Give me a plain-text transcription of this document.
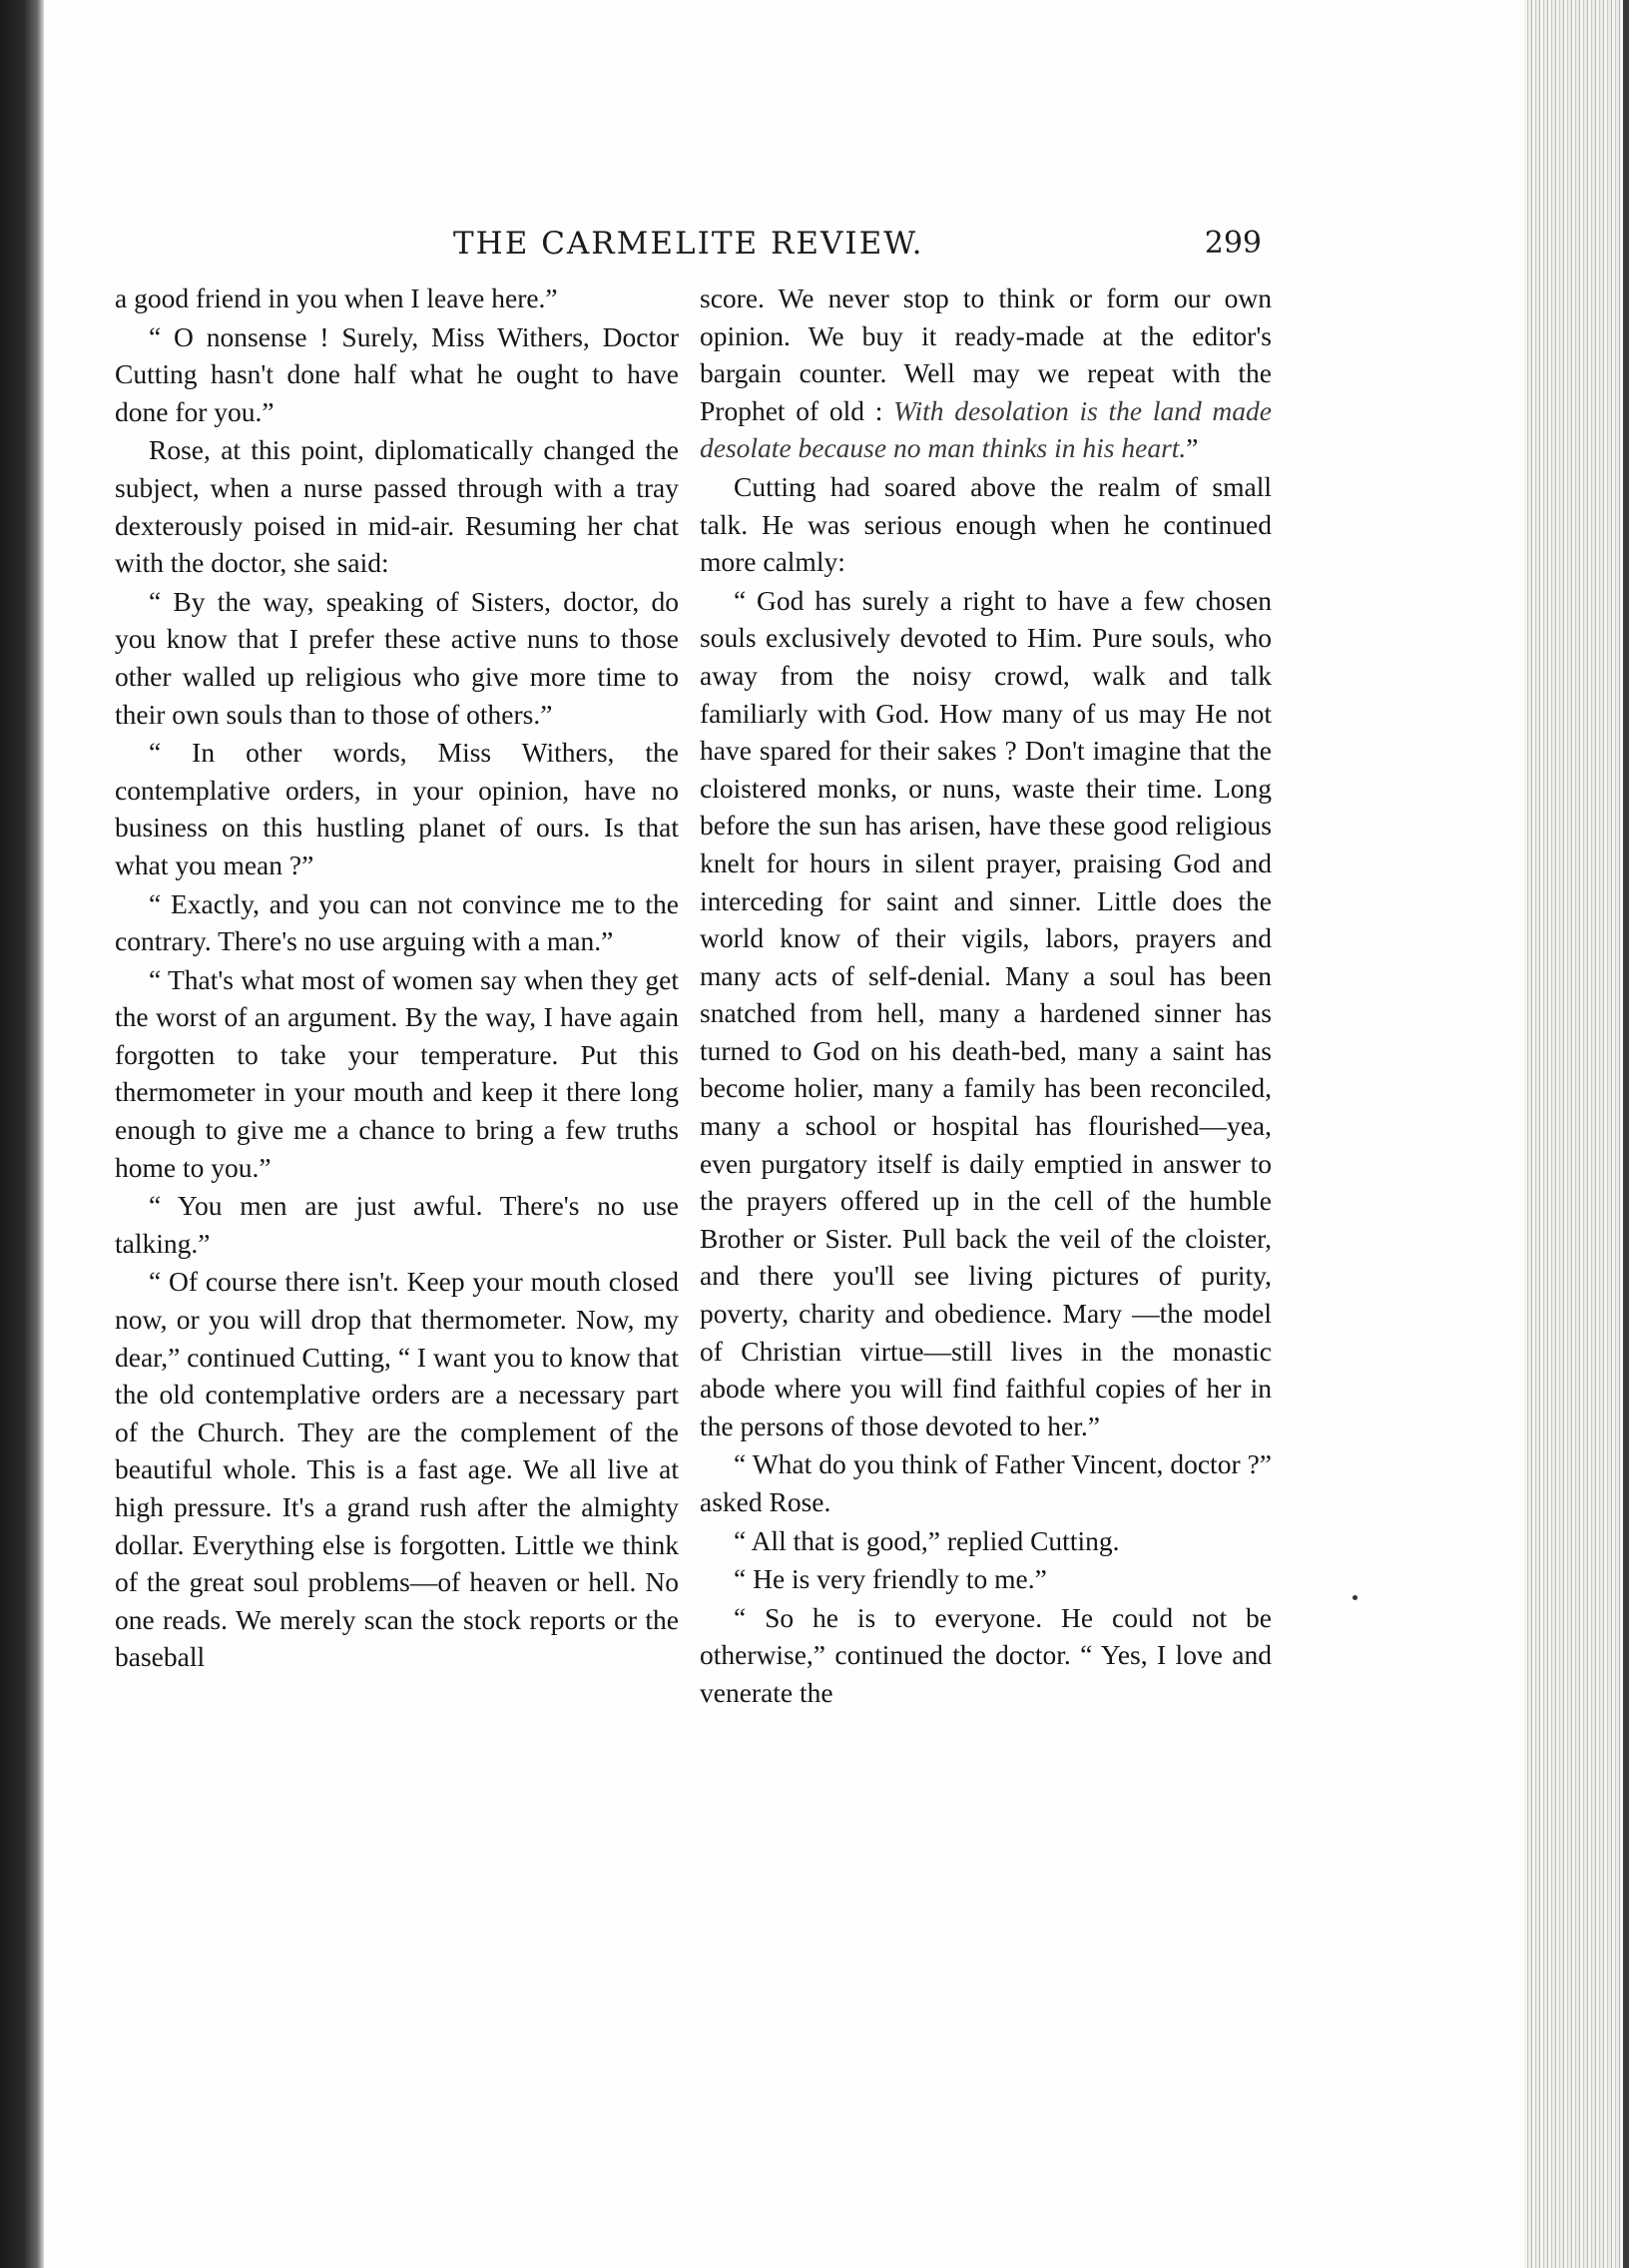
THE CARMELITE REVIEW.	299

a good friend in you when I leave here.”

“ O nonsense ! Surely, Miss Withers, Doctor Cutting hasn't done half what he ought to have done for you.”

Rose, at this point, diplomatically changed the subject, when a nurse passed through with a tray dexterously poised in mid-air. Resuming her chat with the doctor, she said:

“ By the way, speaking of Sisters, doctor, do you know that I prefer these active nuns to those other walled up religious who give more time to their own souls than to those of others.”

“ In other words, Miss Withers, the contemplative orders, in your opinion, have no business on this hustling planet of ours. Is that what you mean ?”

“ Exactly, and you can not convince me to the contrary. There's no use arguing with a man.”

“ That's what most of women say when they get the worst of an argument. By the way, I have again forgotten to take your temperature. Put this thermometer in your mouth and keep it there long enough to give me a chance to bring a few truths home to you.”

“ You men are just awful. There's no use talking.”

“ Of course there isn't. Keep your mouth closed now, or you will drop that thermometer. Now, my dear,” continued Cutting, “ I want you to know that the old contemplative orders are a necessary part of the Church. They are the complement of the beautiful whole. This is a fast age. We all live at high pressure. It's a grand rush after the almighty dollar. Everything else is forgotten. Little we think of the great soul problems—of heaven or hell. No one reads. We merely scan the stock reports or the baseball

score. We never stop to think or form our own opinion. We buy it ready-made at the editor's bargain counter. Well may we repeat with the Prophet of old : With desolation is the land made desolate because no man thinks in his heart.”

Cutting had soared above the realm of small talk. He was serious enough when he continued more calmly:

“ God has surely a right to have a few chosen souls exclusively devoted to Him. Pure souls, who away from the noisy crowd, walk and talk familiarly with God. How many of us may He not have spared for their sakes ? Don't imagine that the cloistered monks, or nuns, waste their time. Long before the sun has arisen, have these good religious knelt for hours in silent prayer, praising God and interceding for saint and sinner. Little does the world know of their vigils, labors, prayers and many acts of self-denial. Many a soul has been snatched from hell, many a hardened sinner has turned to God on his death-bed, many a saint has become holier, many a family has been reconciled, many a school or hospital has flourished—yea, even purgatory itself is daily emptied in answer to the prayers offered up in the cell of the humble Brother or Sister. Pull back the veil of the cloister, and there you'll see living pictures of purity, poverty, charity and obedience. Mary —the model of Christian virtue—still lives in the monastic abode where you will find faithful copies of her in the persons of those devoted to her.”

“ What do you think of Father Vincent, doctor ?” asked Rose.

“ All that is good,” replied Cutting.

“ He is very friendly to me.”

“ So he is to everyone. He could not be otherwise,” continued the doctor. “ Yes, I love and venerate the
